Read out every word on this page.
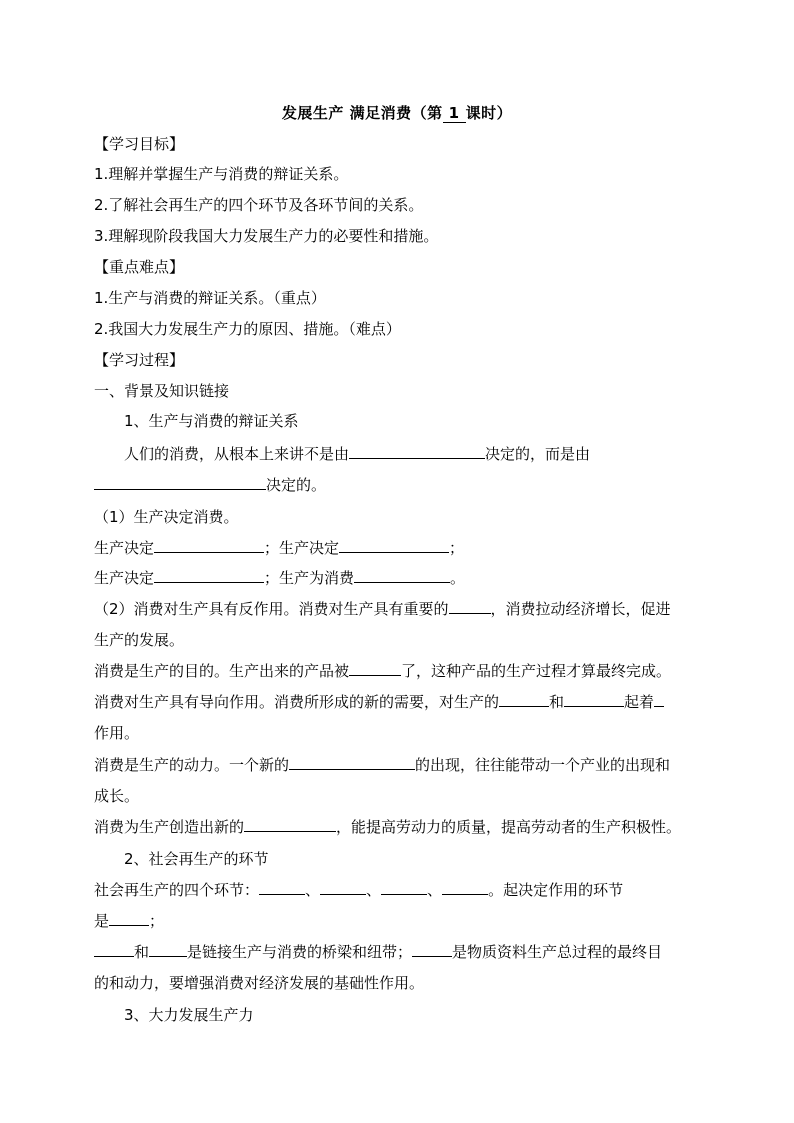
发展生产 满足消费（第 1 课时）
【学习目标】
1.理解并掌握生产与消费的辩证关系。
2.了解社会再生产的四个环节及各环节间的关系。
3.理解现阶段我国大力发展生产力的必要性和措施。
【重点难点】
1.生产与消费的辩证关系。（重点）
2.我国大力发展生产力的原因、措施。（难点）
【学习过程】
一、背景及知识链接
1、生产与消费的辩证关系
人们的消费，从根本上来讲不是由	决定的，而是由
决定的。
（1）生产决定消费。
生产决定	；生产决定	；
生产决定	；生产为消费	。
（2）消费对生产具有反作用。消费对生产具有重要的	，消费拉动经济增长，促进
生产的发展。
消费是生产的目的。生产出来的产品被	了，这种产品的生产过程才算最终完成。
消费对生产具有导向作用。消费所形成的新的需要，对生产的	和	起着
作用。
消费是生产的动力。一个新的	的出现，往往能带动一个产业的出现和
成长。
消费为生产创造出新的	，能提高劳动力的质量，提高劳动者的生产积极性。
2、社会再生产的环节
社会再生产的四个环节：	、	、	、	。起决定作用的环节
是	；
和	是链接生产与消费的桥梁和纽带；	是物质资料生产总过程的最终目
的和动力，要增强消费对经济发展的基础性作用。
3、大力发展生产力
